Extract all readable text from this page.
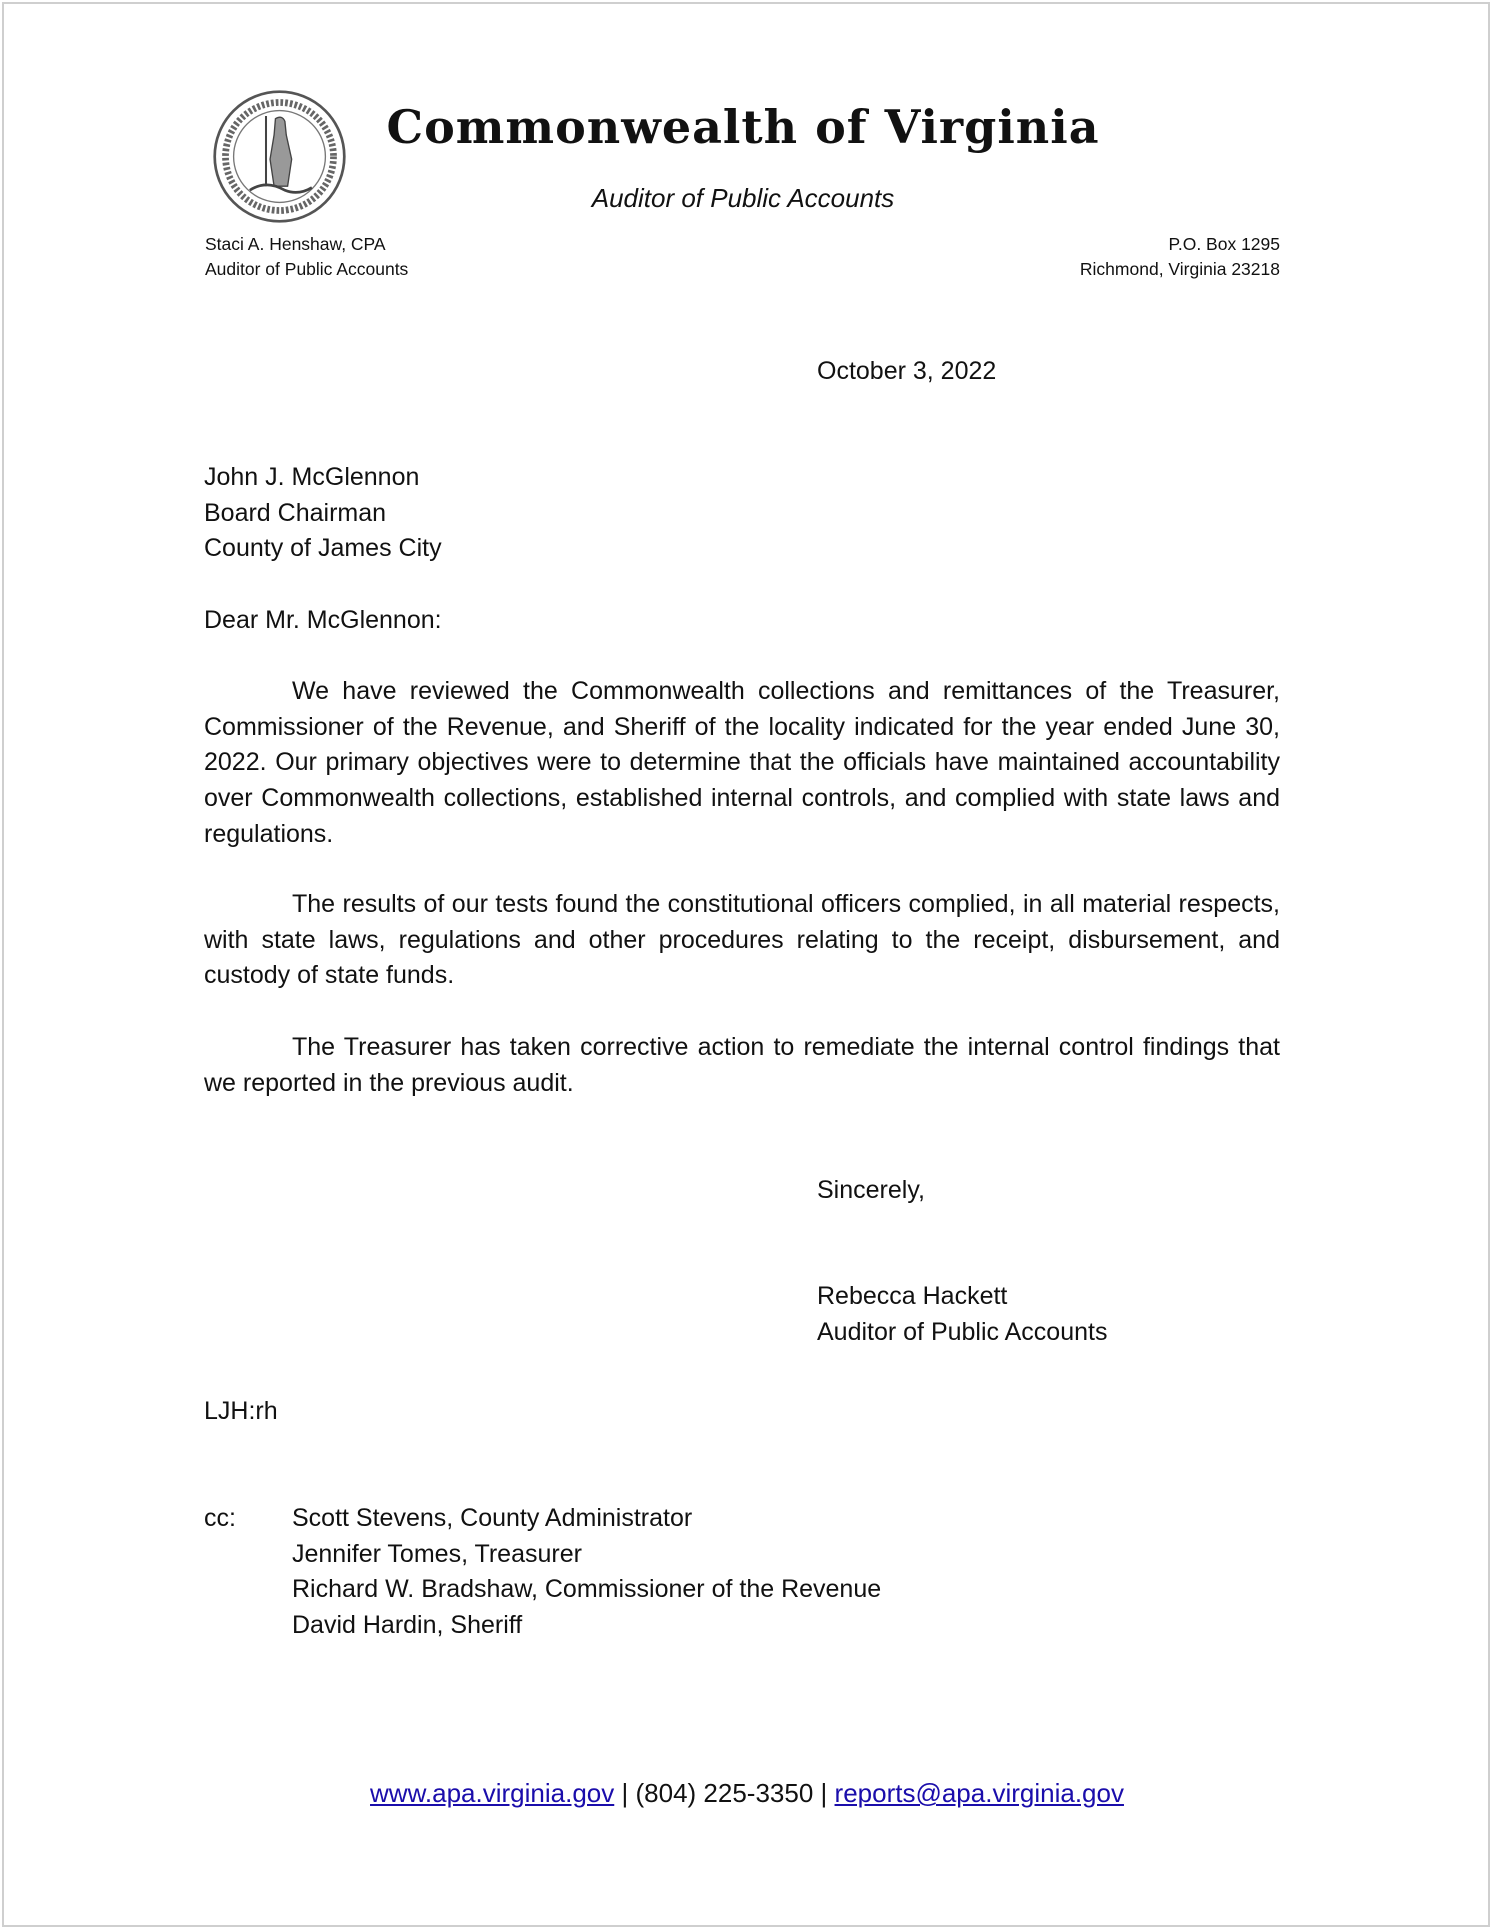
Commonwealth of Virginia
Auditor of Public Accounts
Staci A. Henshaw, CPA
Auditor of Public Accounts
P.O. Box 1295
Richmond, Virginia 23218
October 3, 2022
John J. McGlennon
Board Chairman
County of James City
Dear Mr. McGlennon:

We have reviewed the Commonwealth collections and remittances of the Treasurer, Commissioner of the Revenue, and Sheriff of the locality indicated for the year ended June 30, 2022. Our primary objectives were to determine that the officials have maintained accountability over Commonwealth collections, established internal controls, and complied with state laws and regulations.

The results of our tests found the constitutional officers complied, in all material respects, with state laws, regulations and other procedures relating to the receipt, disbursement, and custody of state funds.

The Treasurer has taken corrective action to remediate the internal control findings that we reported in the previous audit.

Sincerely,
Rebecca Hackett
Auditor of Public Accounts
LJH:rh
cc:	Scott Stevens, County Administrator
Jennifer Tomes, Treasurer
Richard W. Bradshaw, Commissioner of the Revenue
David Hardin, Sheriff
www.apa.virginia.gov | (804) 225-3350 | reports@apa.virginia.gov
